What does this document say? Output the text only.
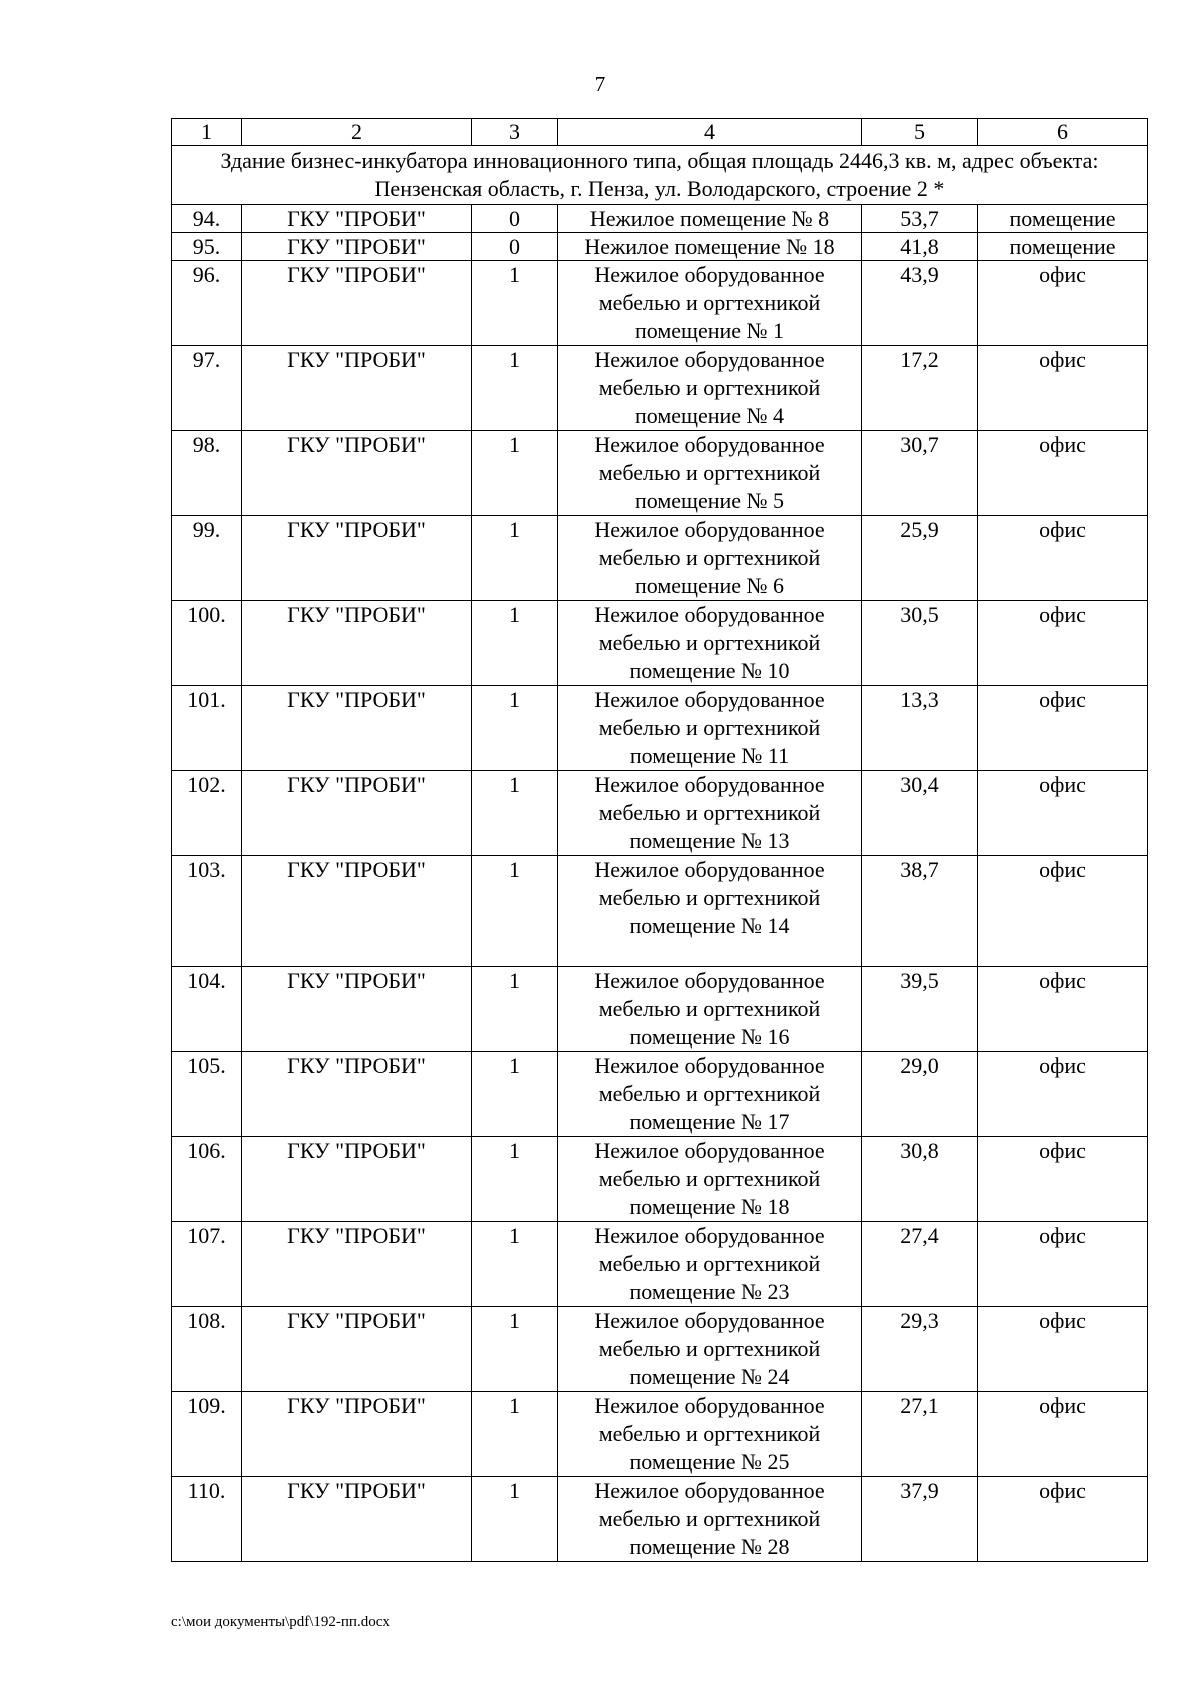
7
1	2	3	4	5	6
Здание бизнес-инкубатора инновационного типа, общая площадь 2446,3 кв. м, адрес объекта: Пензенская область, г. Пенза, ул. Володарского, строение 2 *					
94.	ГКУ "ПРОБИ"	0	Нежилое помещение № 8	53,7	помещение
95.	ГКУ "ПРОБИ"	0	Нежилое помещение № 18	41,8	помещение
96.	ГКУ "ПРОБИ"	1	Нежилое оборудованное мебелью и оргтехникой помещение № 1	43,9	офис
97.	ГКУ "ПРОБИ"	1	Нежилое оборудованное мебелью и оргтехникой помещение № 4	17,2	офис
98.	ГКУ "ПРОБИ"	1	Нежилое оборудованное мебелью и оргтехникой помещение № 5	30,7	офис
99.	ГКУ "ПРОБИ"	1	Нежилое оборудованное мебелью и оргтехникой помещение № 6	25,9	офис
100.	ГКУ "ПРОБИ"	1	Нежилое оборудованное мебелью и оргтехникой помещение № 10	30,5	офис
101.	ГКУ "ПРОБИ"	1	Нежилое оборудованное мебелью и оргтехникой помещение № 11	13,3	офис
102.	ГКУ "ПРОБИ"	1	Нежилое оборудованное мебелью и оргтехникой помещение № 13	30,4	офис
103.	ГКУ "ПРОБИ"	1	Нежилое оборудованное мебелью и оргтехникой помещение № 14	38,7	офис
104.	ГКУ "ПРОБИ"	1	Нежилое оборудованное мебелью и оргтехникой помещение № 16	39,5	офис
105.	ГКУ "ПРОБИ"	1	Нежилое оборудованное мебелью и оргтехникой помещение № 17	29,0	офис
106.	ГКУ "ПРОБИ"	1	Нежилое оборудованное мебелью и оргтехникой помещение № 18	30,8	офис
107.	ГКУ "ПРОБИ"	1	Нежилое оборудованное мебелью и оргтехникой помещение № 23	27,4	офис
108.	ГКУ "ПРОБИ"	1	Нежилое оборудованное мебелью и оргтехникой помещение № 24	29,3	офис
109.	ГКУ "ПРОБИ"	1	Нежилое оборудованное мебелью и оргтехникой помещение № 25	27,1	офис
110.	ГКУ "ПРОБИ"	1	Нежилое оборудованное мебелью и оргтехникой помещение № 28	37,9	офис
c:\мои документы\pdf\192-пп.docx
